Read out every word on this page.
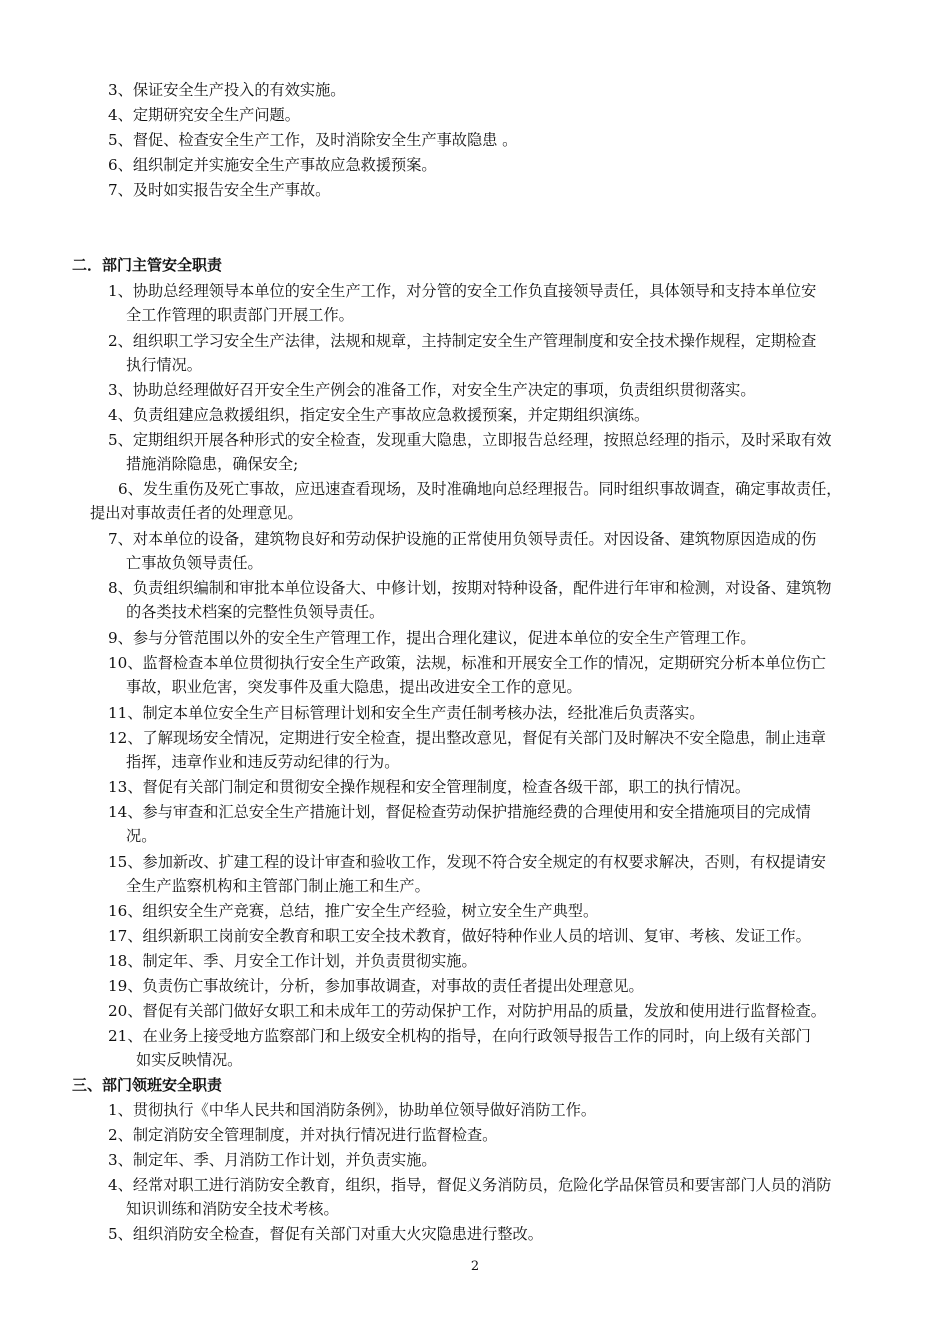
3、保证安全生产投入的有效实施。
4、定期研究安全生产问题。
5、督促、检查安全生产工作，及时消除安全生产事故隐患 。
6、组织制定并实施安全生产事故应急救援预案。
7、及时如实报告安全生产事故。
二．部门主管安全职责
1、协助总经理领导本单位的安全生产工作，对分管的安全工作负直接领导责任，具体领导和支持本单位安
全工作管理的职责部门开展工作。
2、组织职工学习安全生产法律，法规和规章，主持制定安全生产管理制度和安全技术操作规程，定期检查
执行情况。
3、协助总经理做好召开安全生产例会的准备工作，对安全生产决定的事项，负责组织贯彻落实。
4、负责组建应急救援组织，指定安全生产事故应急救援预案，并定期组织演练。
5、定期组织开展各种形式的安全检查，发现重大隐患，立即报告总经理，按照总经理的指示，及时采取有效
措施消除隐患，确保安全;
6、发生重伤及死亡事故，应迅速查看现场，及时准确地向总经理报告。同时组织事故调查，确定事故责任，
提出对事故责任者的处理意见。
7、对本单位的设备，建筑物良好和劳动保护设施的正常使用负领导责任。对因设备、建筑物原因造成的伤
亡事故负领导责任。
8、负责组织编制和审批本单位设备大、中修计划，按期对特种设备，配件进行年审和检测，对设备、建筑物
的各类技术档案的完整性负领导责任。
9、参与分管范围以外的安全生产管理工作，提出合理化建议，促进本单位的安全生产管理工作。
10、监督检查本单位贯彻执行安全生产政策，法规，标准和开展安全工作的情况，定期研究分析本单位伤亡
事故，职业危害，突发事件及重大隐患，提出改进安全工作的意见。
11、制定本单位安全生产目标管理计划和安全生产责任制考核办法，经批准后负责落实。
12、了解现场安全情况，定期进行安全检查，提出整改意见，督促有关部门及时解决不安全隐患，制止违章
指挥，违章作业和违反劳动纪律的行为。
13、督促有关部门制定和贯彻安全操作规程和安全管理制度，检查各级干部，职工的执行情况。
14、参与审查和汇总安全生产措施计划，督促检查劳动保护措施经费的合理使用和安全措施项目的完成情
况。
15、参加新改、扩建工程的设计审查和验收工作，发现不符合安全规定的有权要求解决，否则，有权提请安
全生产监察机构和主管部门制止施工和生产。
16、组织安全生产竞赛，总结，推广安全生产经验，树立安全生产典型。
17、组织新职工岗前安全教育和职工安全技术教育，做好特种作业人员的培训、复审、考核、发证工作。
18、制定年、季、月安全工作计划，并负责贯彻实施。
19、负责伤亡事故统计，分析，参加事故调查，对事故的责任者提出处理意见。
20、督促有关部门做好女职工和未成年工的劳动保护工作，对防护用品的质量，发放和使用进行监督检查。
21、在业务上接受地方监察部门和上级安全机构的指导，在向行政领导报告工作的同时，向上级有关部门
如实反映情况。
三、部门领班安全职责
1、贯彻执行《中华人民共和国消防条例》，协助单位领导做好消防工作。
2、制定消防安全管理制度，并对执行情况进行监督检查。
3、制定年、季、月消防工作计划，并负责实施。
4、经常对职工进行消防安全教育，组织，指导，督促义务消防员，危险化学品保管员和要害部门人员的消防
知识训练和消防安全技术考核。
5、组织消防安全检查，督促有关部门对重大火灾隐患进行整改。
2
